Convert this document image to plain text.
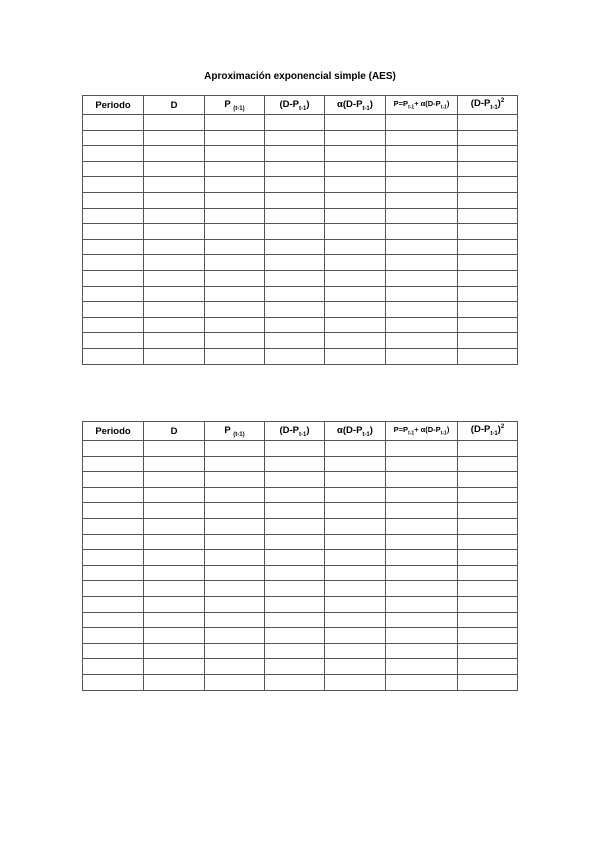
Aproximación exponencial simple (AES)
Periodo	D	P $_{(t-1)}$	$(D-P_{t-1})$	$\alpha(D-P_{t-1})$	$P=P_{t-1}+ \alpha(D-P_{t-1})$	$(D-P_{t-1})^2$

Periodo	D	P $_{(t-1)}$	$(D-P_{t-1})$	$\alpha(D-P_{t-1})$	$P=P_{t-1}+ \alpha(D-P_{t-1})$	$(D-P_{t-1})^2$
